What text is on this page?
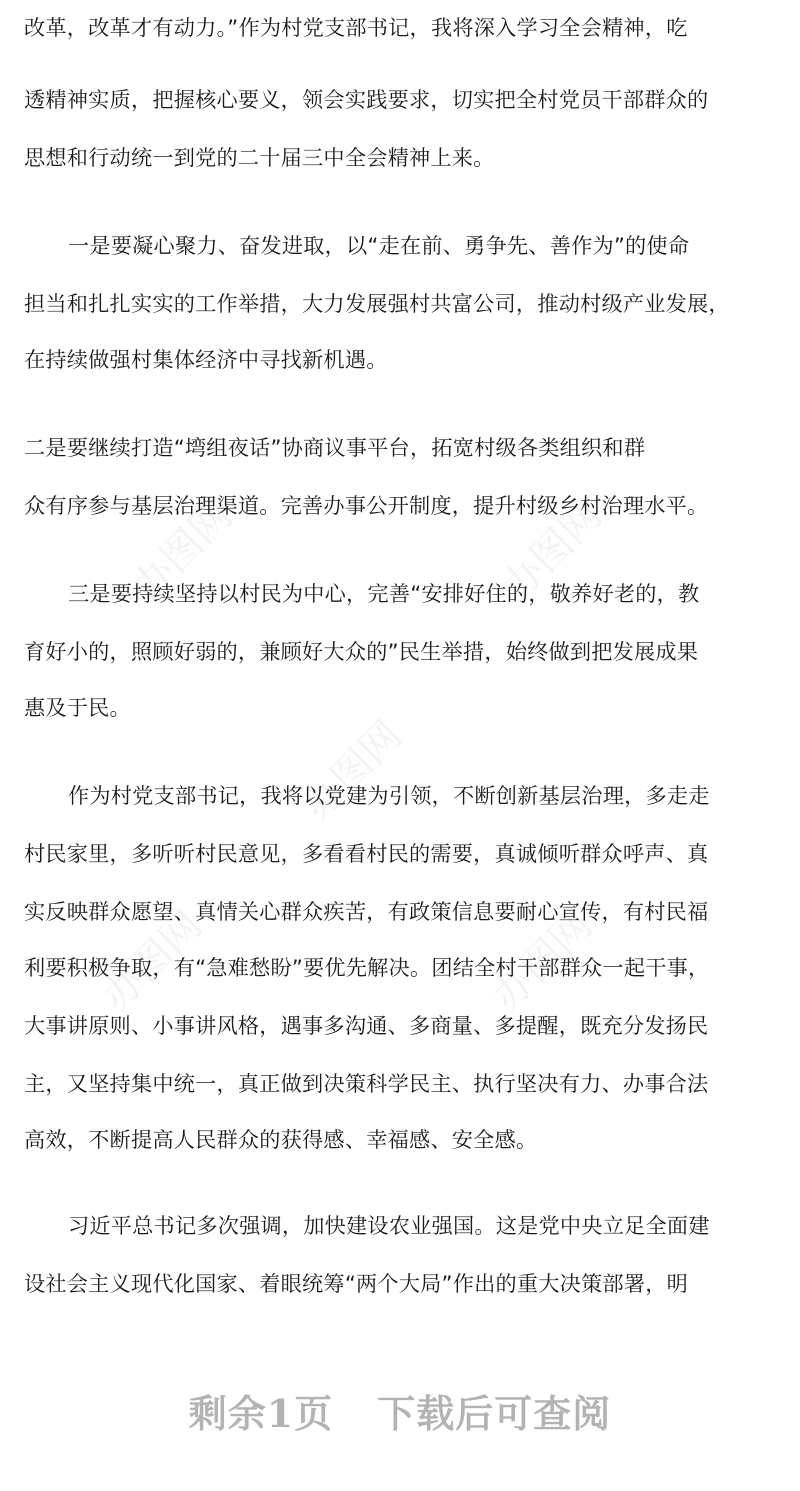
办图网	办图网
办图网
办图网	办图网
改革，改革才有动力。”作为村党支部书记，我将深入学习全会精神，吃
透精神实质，把握核心要义，领会实践要求，切实把全村党员干部群众的
思想和行动统一到党的二十届三中全会精神上来。
一是要凝心聚力、奋发进取，以“走在前、勇争先、善作为”的使命
担当和扎扎实实的工作举措，大力发展强村共富公司，推动村级产业发展，
在持续做强村集体经济中寻找新机遇。
二是要继续打造“塆组夜话”协商议事平台，拓宽村级各类组织和群
众有序参与基层治理渠道。完善办事公开制度，提升村级乡村治理水平。
三是要持续坚持以村民为中心，完善“安排好住的，敬养好老的，教
育好小的，照顾好弱的，兼顾好大众的”民生举措，始终做到把发展成果
惠及于民。
作为村党支部书记，我将以党建为引领，不断创新基层治理，多走走
村民家里，多听听村民意见，多看看村民的需要，真诚倾听群众呼声、真
实反映群众愿望、真情关心群众疾苦，有政策信息要耐心宣传，有村民福
利要积极争取，有“急难愁盼”要优先解决。团结全村干部群众一起干事，
大事讲原则、小事讲风格，遇事多沟通、多商量、多提醒，既充分发扬民
主，又坚持集中统一，真正做到决策科学民主、执行坚决有力、办事合法
高效，不断提高人民群众的获得感、幸福感、安全感。
习近平总书记多次强调，加快建设农业强国。这是党中央立足全面建
设社会主义现代化国家、着眼统筹“两个大局”作出的重大决策部署，明
剩余1页 下载后可查阅
